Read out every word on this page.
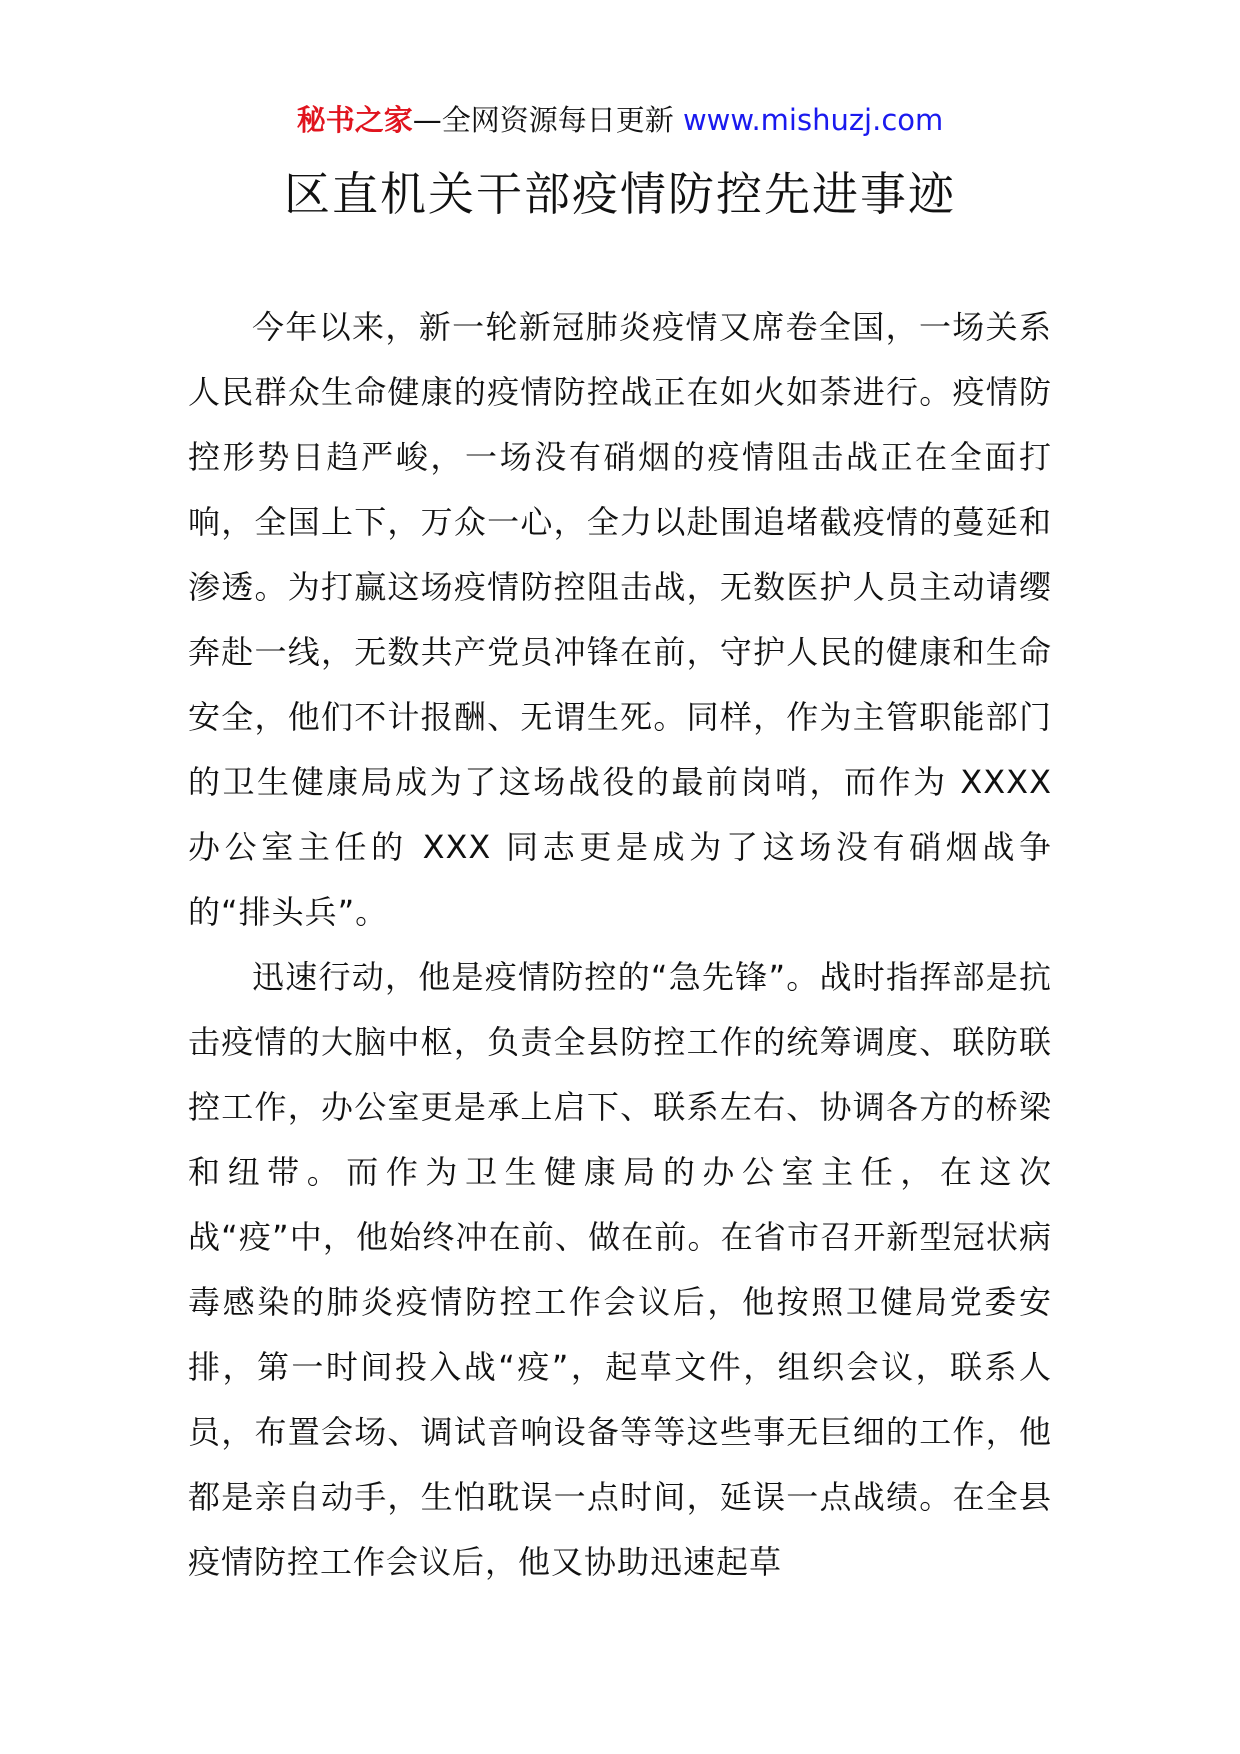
秘书之家—全网资源每日更新 www.mishuzj.com
区直机关干部疫情防控先进事迹

今年以来，新一轮新冠肺炎疫情又席卷全国，一场关系人民群众生命健康的疫情防控战正在如火如荼进行。疫情防控形势日趋严峻，一场没有硝烟的疫情阻击战正在全面打响，全国上下，万众一心，全力以赴围追堵截疫情的蔓延和渗透。为打赢这场疫情防控阻击战，无数医护人员主动请缨奔赴一线，无数共产党员冲锋在前，守护人民的健康和生命安全，他们不计报酬、无谓生死。同样，作为主管职能部门的卫生健康局成为了这场战役的最前岗哨，而作为 XXXX 办公室主任的 XXX 同志更是成为了这场没有硝烟战争的“排头兵”。

迅速行动，他是疫情防控的“急先锋”。战时指挥部是抗击疫情的大脑中枢，负责全县防控工作的统筹调度、联防联控工作，办公室更是承上启下、联系左右、协调各方的桥梁和纽带。而作为卫生健康局的办公室主任，在这次战“疫”中，他始终冲在前、做在前。在省市召开新型冠状病毒感染的肺炎疫情防控工作会议后，他按照卫健局党委安排，第一时间投入战“疫”，起草文件，组织会议，联系人员，布置会场、调试音响设备等等这些事无巨细的工作，他都是亲自动手，生怕耽误一点时间，延误一点战绩。在全县疫情防控工作会议后，他又协助迅速起草
